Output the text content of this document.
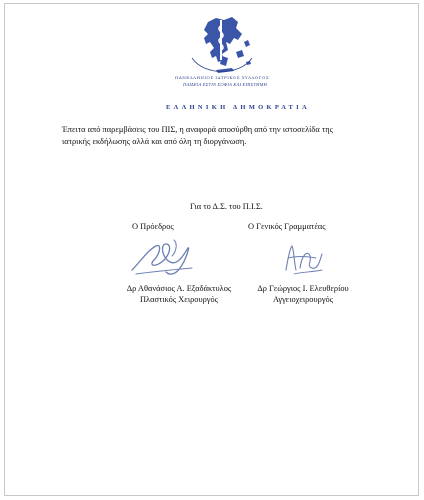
ΠΑΝΕΛΛΗΝΙΟΣ ΙΑΤΡΙΚΟΣ ΣΥΛΛΟΓΟΣ
ΠΑΙΔΕΙΑ ΕΣΤΙΝ ΣΟΦΙΑ ΚΑΙ ΕΠΙΣΤΗΜΗ
ΕΛΛΗΝΙΚΗ ΔΗΜΟΚΡΑΤΙΑ
Έπειτα από παρεμβάσεις του ΠΙΣ, η αναφορά αποσύρθη από την ιστοσελίδα της
ιατρικής εκδήλωσης αλλά και από όλη τη διοργάνωση.
Για το Δ.Σ. του Π.Ι.Σ.
Ο Πρόεδρος	Ο Γενικός Γραμματέας
Δρ Αθανάσιος Α. Εξαδάκτυλος
Πλαστικός Χειρουργός
Δρ Γεώργιος Ι. Ελευθερίου
Αγγειοχειρουργός
